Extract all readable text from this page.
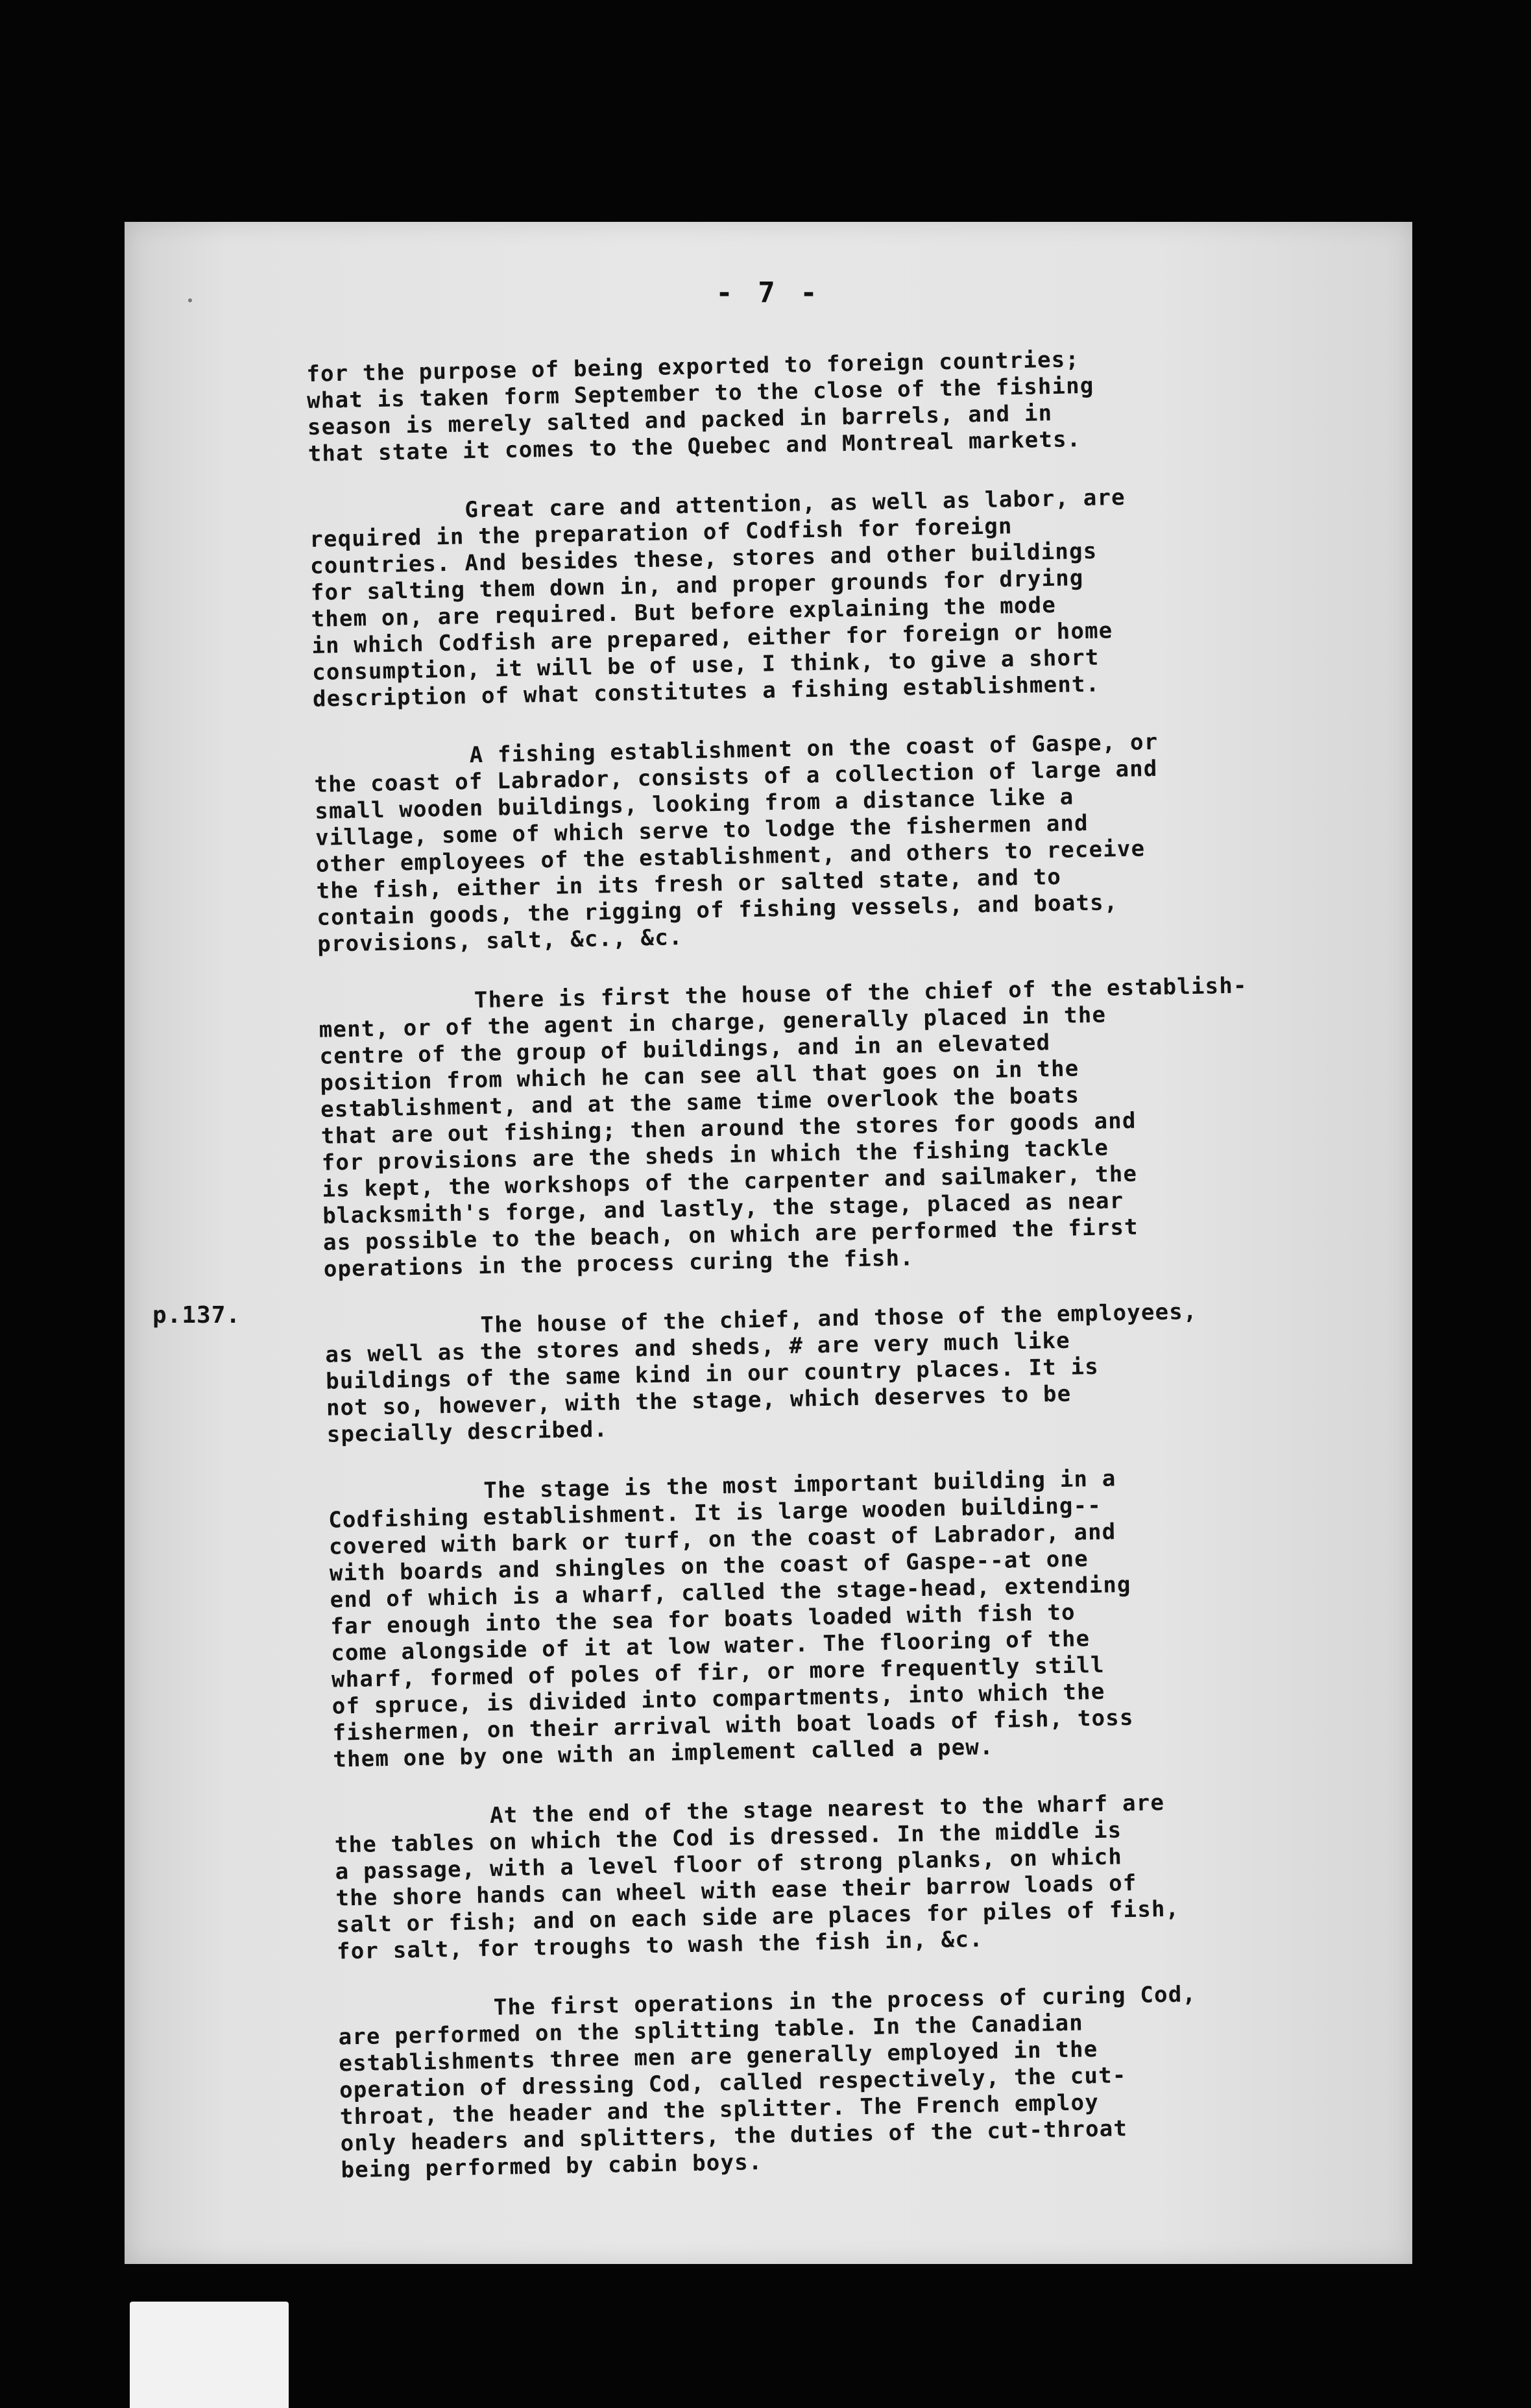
- 7 -
p.137.

for the purpose of being exported to foreign countries;
what is taken form September to the close of the fishing
season is merely salted and packed in barrels, and in
that state it comes to the Quebec and Montreal markets.

Great care and attention, as well as labor, are
required in the preparation of Codfish for foreign
countries. And besides these, stores and other buildings
for salting them down in, and proper grounds for drying
them on, are required. But before explaining the mode
in which Codfish are prepared, either for foreign or home
consumption, it will be of use, I think, to give a short
description of what constitutes a fishing establishment.

A fishing establishment on the coast of Gaspe, or
the coast of Labrador, consists of a collection of large and
small wooden buildings, looking from a distance like a
village, some of which serve to lodge the fishermen and
other employees of the establishment, and others to receive
the fish, either in its fresh or salted state, and to
contain goods, the rigging of fishing vessels, and boats,
provisions, salt, &c., &c.

There is first the house of the chief of the establish-
ment, or of the agent in charge, generally placed in the
centre of the group of buildings, and in an elevated
position from which he can see all that goes on in the
establishment, and at the same time overlook the boats
that are out fishing; then around the stores for goods and
for provisions are the sheds in which the fishing tackle
is kept, the workshops of the carpenter and sailmaker, the
blacksmith's forge, and lastly, the stage, placed as near
as possible to the beach, on which are performed the first
operations in the process curing the fish.

The house of the chief, and those of the employees,
as well as the stores and sheds, # are very much like
buildings of the same kind in our country places. It is
not so, however, with the stage, which deserves to be
specially described.

The stage is the most important building in a
Codfishing establishment. It is large wooden building--
covered with bark or turf, on the coast of Labrador, and
with boards and shingles on the coast of Gaspe--at one
end of which is a wharf, called the stage-head, extending
far enough into the sea for boats loaded with fish to
come alongside of it at low water. The flooring of the
wharf, formed of poles of fir, or more frequently still
of spruce, is divided into compartments, into which the
fishermen, on their arrival with boat loads of fish, toss
them one by one with an implement called a pew.

At the end of the stage nearest to the wharf are
the tables on which the Cod is dressed. In the middle is
a passage, with a level floor of strong planks, on which
the shore hands can wheel with ease their barrow loads of
salt or fish; and on each side are places for piles of fish,
for salt, for troughs to wash the fish in, &c.

The first operations in the process of curing Cod,
are performed on the splitting table. In the Canadian
establishments three men are generally employed in the
operation of dressing Cod, called respectively, the cut-
throat, the header and the splitter. The French employ
only headers and splitters, the duties of the cut-throat
being performed by cabin boys.
